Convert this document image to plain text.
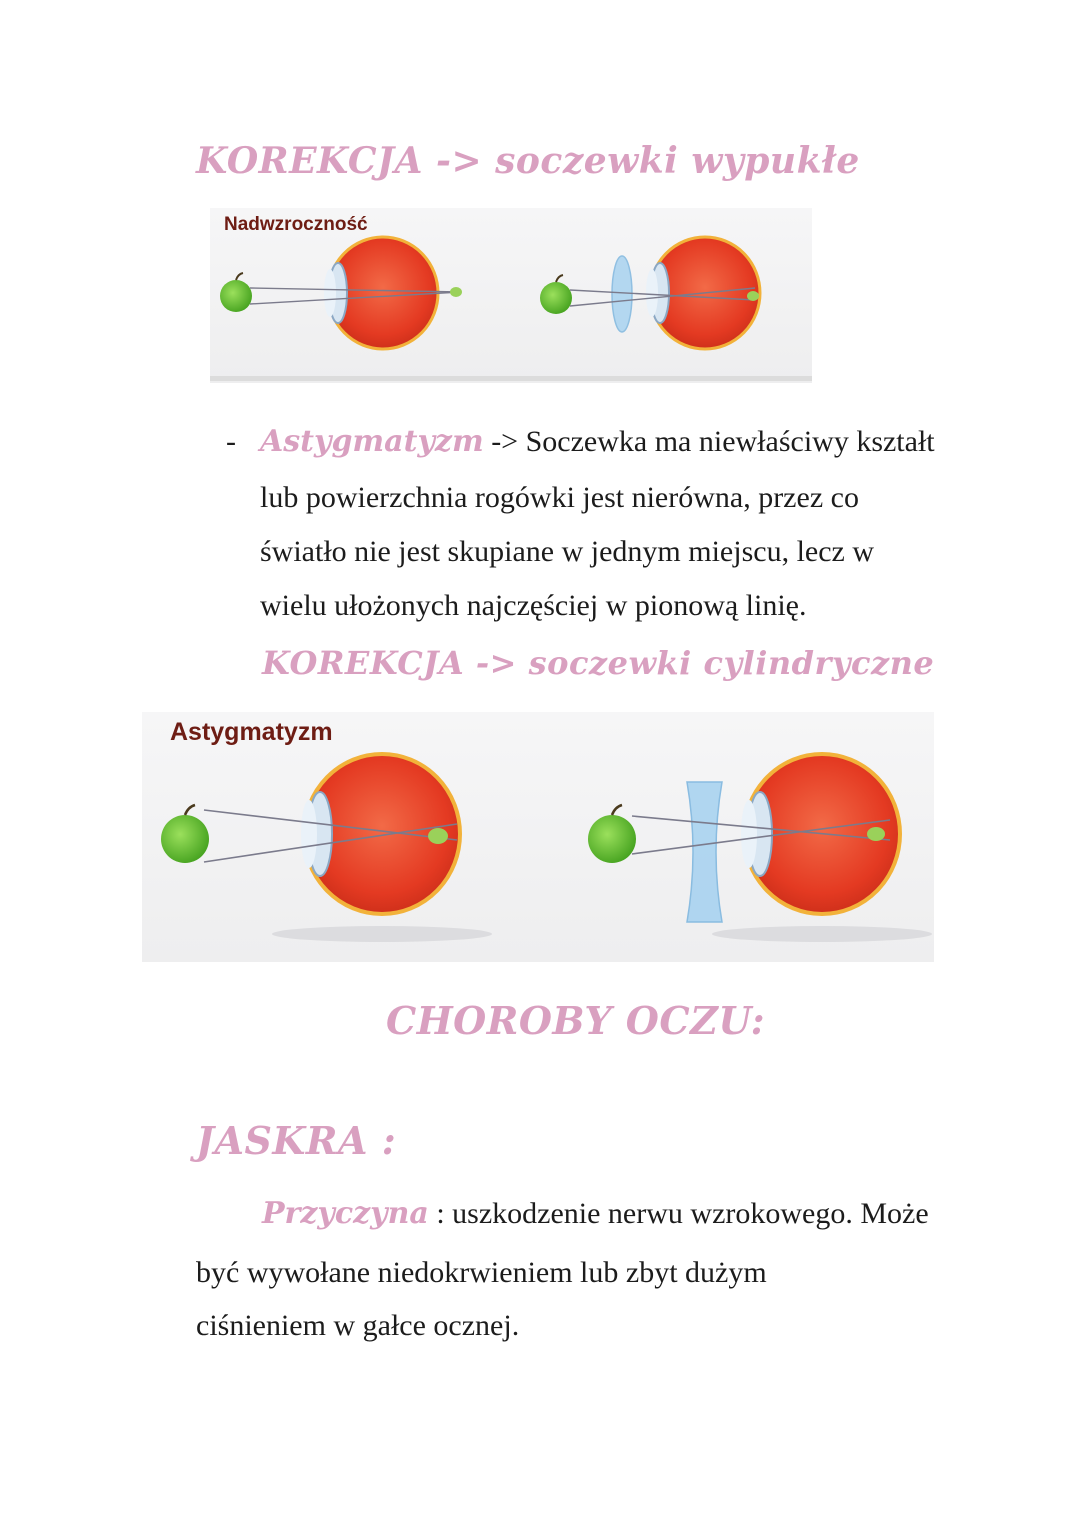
KOREKCJA -> soczewki wypukłe
Nadwzroczność
- Astygmatyzm -> Soczewka ma niewłaściwy kształt
lub powierzchnia rogówki jest nierówna, przez co
światło nie jest skupiane w jednym miejscu, lecz w
wielu ułożonych najczęściej w pionową linię.
KOREKCJA -> soczewki cylindryczne
Astygmatyzm
CHOROBY OCZU:
JASKRA :
Przyczyna : uszkodzenie nerwu wzrokowego. Może
być wywołane niedokrwieniem lub zbyt dużym
ciśnieniem w gałce ocznej.
